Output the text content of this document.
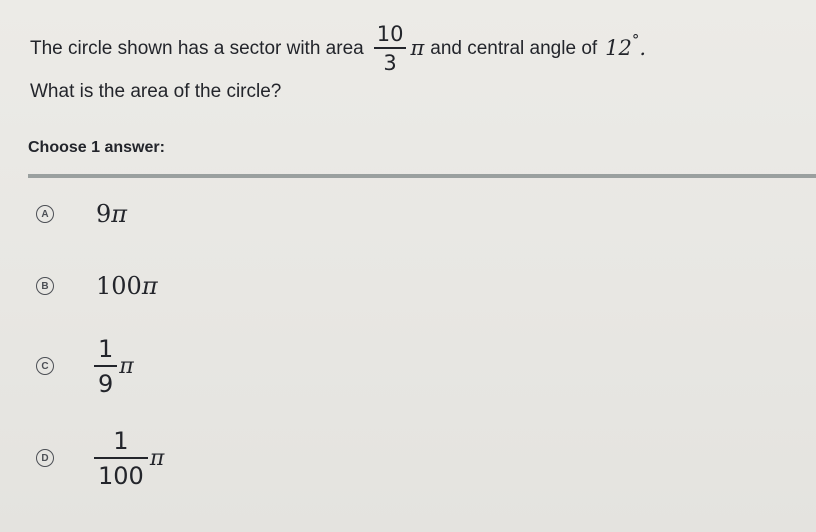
The circle shown has a sector with area $\frac{10}{3}$ π and central angle of 12 ° .
What is the area of the circle?
Choose 1 answer:
A 9π
B 100π
C $\frac{1}{9}$ π
D $\frac{1}{100}$ π
